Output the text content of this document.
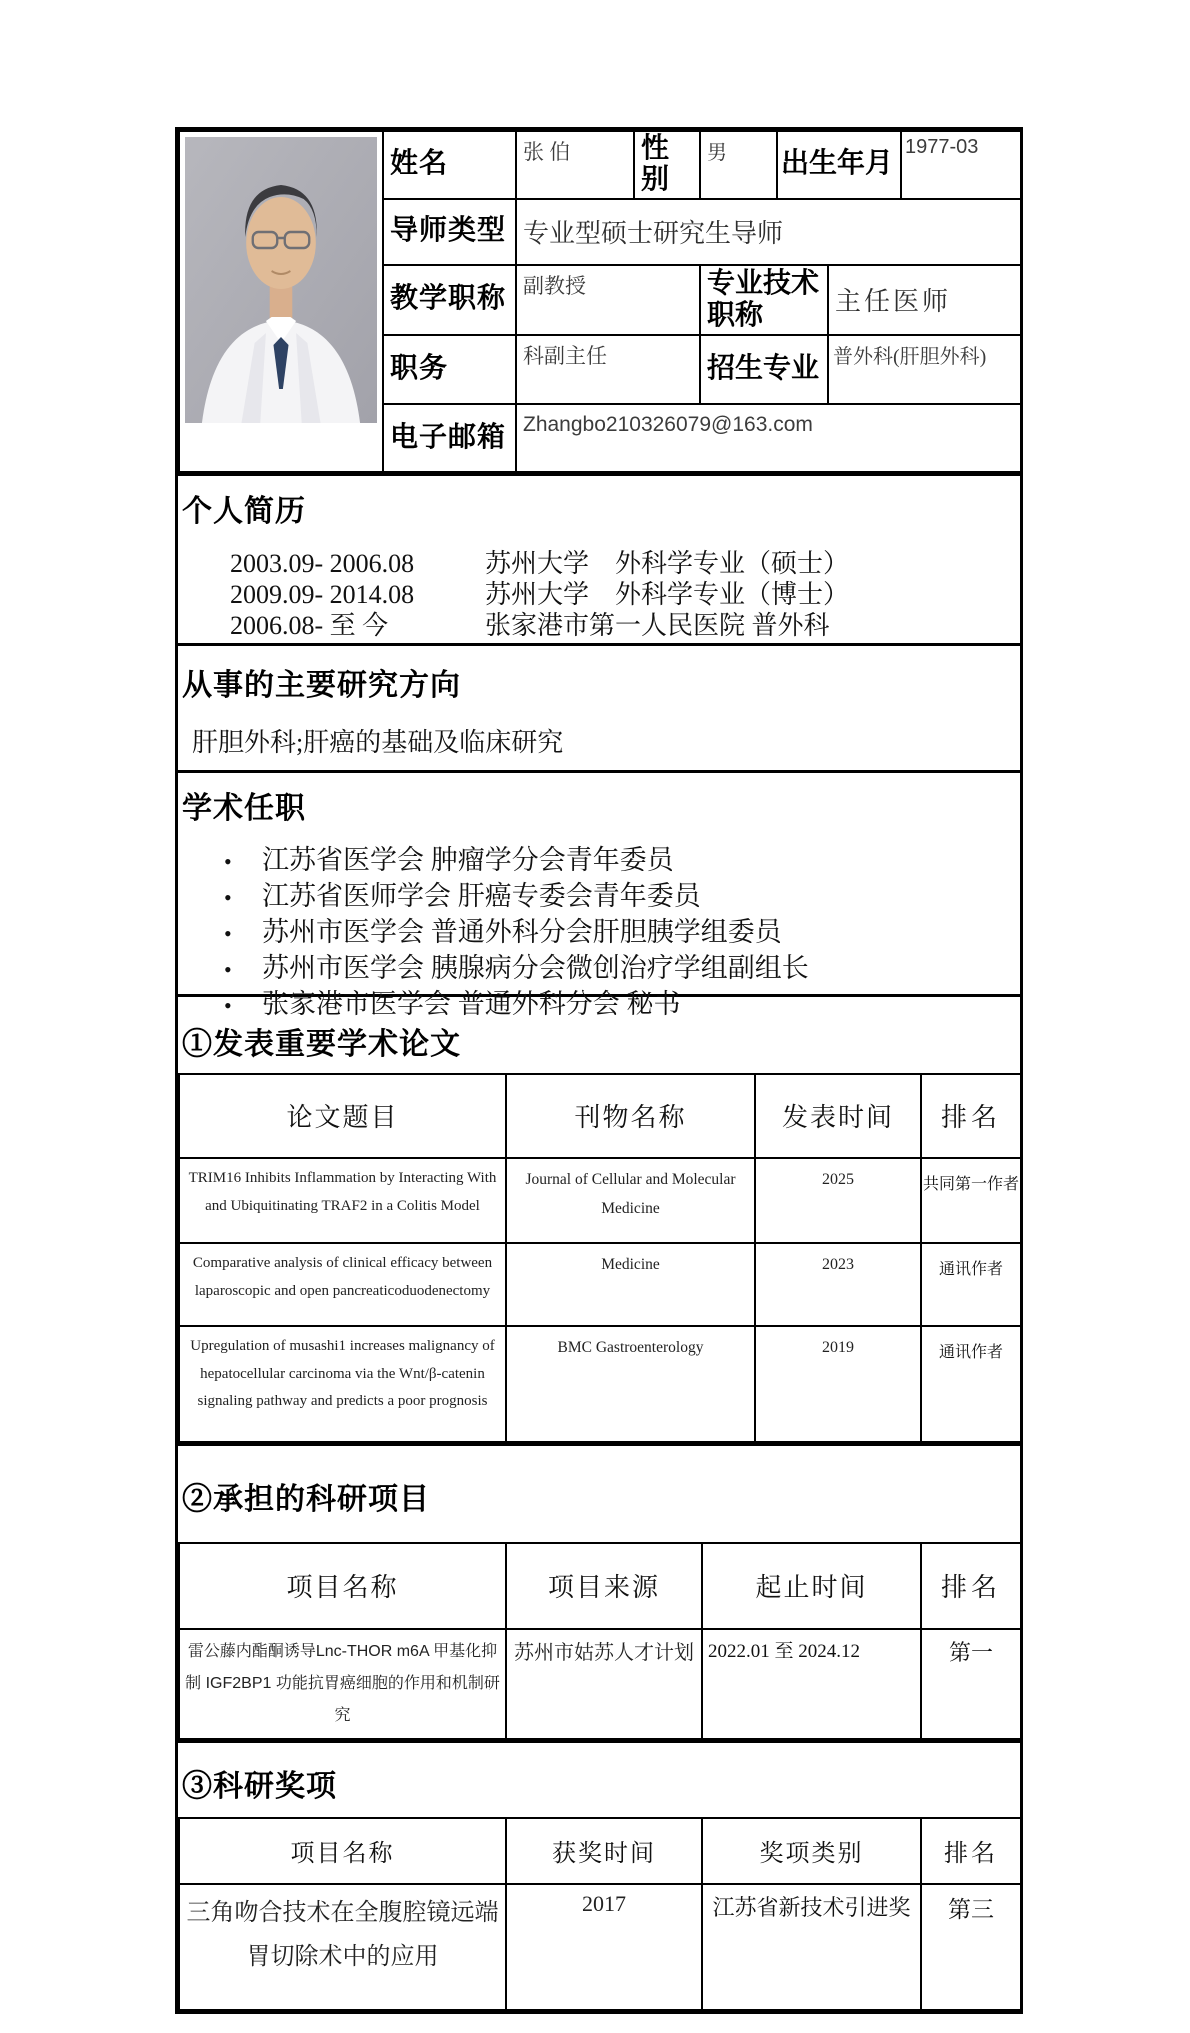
	姓名	张 伯	性别	男	出生年月		1977-03
	导师类型	专业型硕士研究生导师					
	教学职称	副教授		专业技术职称		主任医师	
	职务	科副主任		招生专业		普外科(肝胆外科)	
	电子邮箱	Zhangbo210326079@163.com					
个人简历
2003.09- 2006.08	苏州大学　外科学专业（硕士）
2009.09- 2014.08	苏州大学　外科学专业（博士）
2006.08- 至 今	张家港市第一人民医院 普外科
从事的主要研究方向
肝胆外科;肝癌的基础及临床研究
学术任职
•	江苏省医学会 肿瘤学分会青年委员
•	江苏省医师学会 肝癌专委会青年委员
•	苏州市医学会 普通外科分会肝胆胰学组委员
•	苏州市医学会 胰腺病分会微创治疗学组副组长
•	张家港市医学会 普通外科分会 秘书
①发表重要学术论文
论文题目	刊物名称	发表时间	排名
TRIM16 Inhibits Inflammation by Interacting With and Ubiquitinating TRAF2 in a Colitis Model	Journal of Cellular and Molecular Medicine	2025	共同第一作者
Comparative analysis of clinical efficacy between laparoscopic and open pancreaticoduodenectomy	Medicine	2023	通讯作者
Upregulation of musashi1 increases malignancy of hepatocellular carcinoma via the Wnt/β-catenin signaling pathway and predicts a poor prognosis	BMC Gastroenterology	2019	通讯作者
②承担的科研项目
项目名称	项目来源	起止时间	排名
雷公藤内酯酮诱导Lnc-THOR m6A 甲基化抑制 IGF2BP1 功能抗胃癌细胞的作用和机制研究	苏州市姑苏人才计划	2022.01 至 2024.12	第一
③科研奖项
项目名称	获奖时间	奖项类别	排名
三角吻合技术在全腹腔镜远端胃切除术中的应用	2017	江苏省新技术引进奖	第三
